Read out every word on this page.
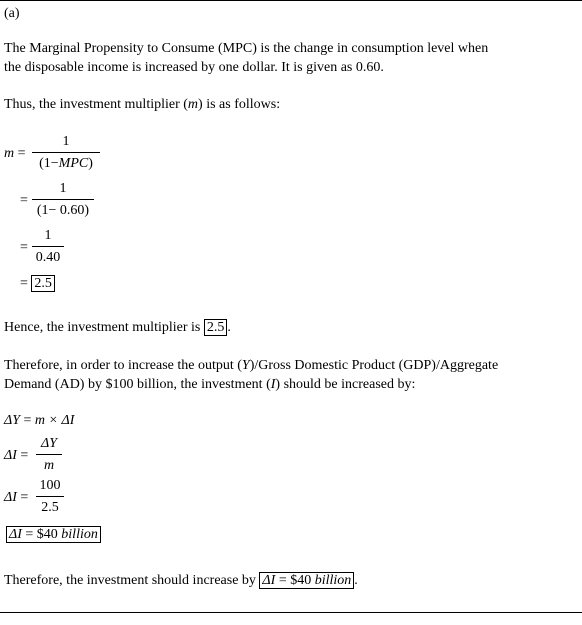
(a)
The Marginal Propensity to Consume (MPC) is the change in consumption level when
the disposable income is increased by one dollar. It is given as 0.60.
Thus, the investment multiplier (m) is as follows:
m =
1
(1−MPC)
=
1
(1− 0.60)
=
1
0.40
= 2.5
Hence, the investment multiplier is 2.5 .
Therefore, in order to increase the output (Y)/Gross Domestic Product (GDP)/Aggregate
Demand (AD) by $100 billion, the investment (I) should be increased by:
ΔY = m × ΔI
ΔI =
ΔY
m
ΔI =
100
2.5
ΔI = $40 billion
Therefore, the investment should increase by ΔI = $40 billion .
